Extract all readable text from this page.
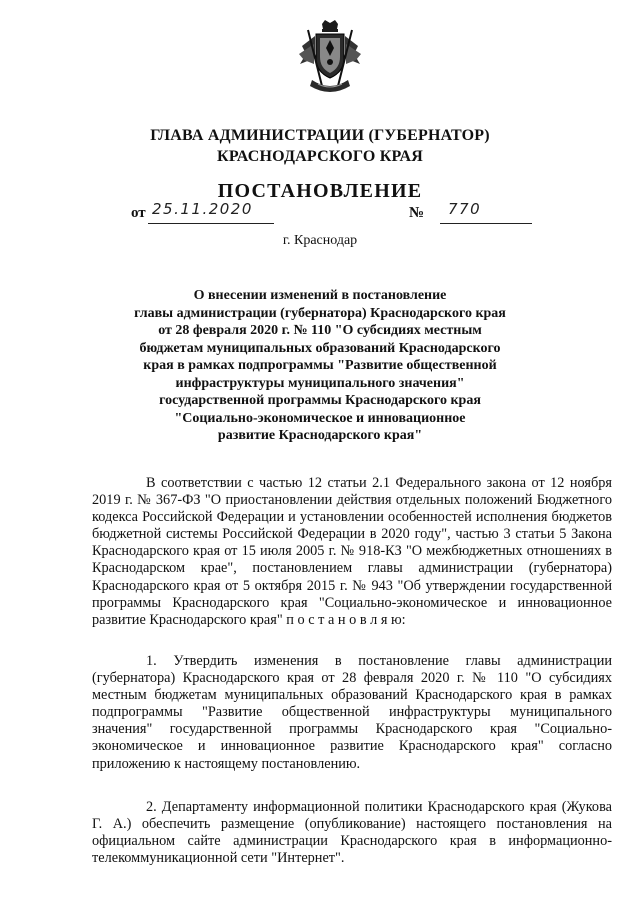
ГЛАВА АДМИНИСТРАЦИИ (ГУБЕРНАТОР)
КРАСНОДАРСКОГО КРАЯ
ПОСТАНОВЛЕНИЕ
от 25.11.2020	№ 770
г. Краснодар
О внесении изменений в постановление
главы администрации (губернатора) Краснодарского края
от 28 февраля 2020 г. № 110 "О субсидиях местным
бюджетам муниципальных образований Краснодарского
края в рамках подпрограммы "Развитие общественной
инфраструктуры муниципального значения"
государственной программы Краснодарского края
"Социально-экономическое и инновационное
развитие Краснодарского края"

В соответствии с частью 12 статьи 2.1 Федерального закона от 12 ноября 2019 г. № 367-ФЗ "О приостановлении действия отдельных положений Бюджетного кодекса Российской Федерации и установлении особенностей исполнения бюджетов бюджетной системы Российской Федерации в 2020 году", частью 3 статьи 5 Закона Краснодарского края от 15 июля 2005 г. № 918-КЗ "О межбюджетных отношениях в Краснодарском крае", постановлением главы администрации (губернатора) Краснодарского края от 5 октября 2015 г. № 943 "Об утверждении государственной программы Краснодарского края "Социально-экономическое и инновационное развитие Краснодарского края" п о с т а н о в л я ю:

1. Утвердить изменения в постановление главы администрации (губернатора) Краснодарского края от 28 февраля 2020 г. № 110 "О субсидиях местным бюджетам муниципальных образований Краснодарского края в рамках подпрограммы "Развитие общественной инфраструктуры муниципального значения" государственной программы Краснодарского края "Социально-экономическое и инновационное развитие Краснодарского края" согласно приложению к настоящему постановлению.

2. Департаменту информационной политики Краснодарского края (Жукова Г. А.) обеспечить размещение (опубликование) настоящего постановления на официальном сайте администрации Краснодарского края в информационно-телекоммуникационной сети "Интернет".
